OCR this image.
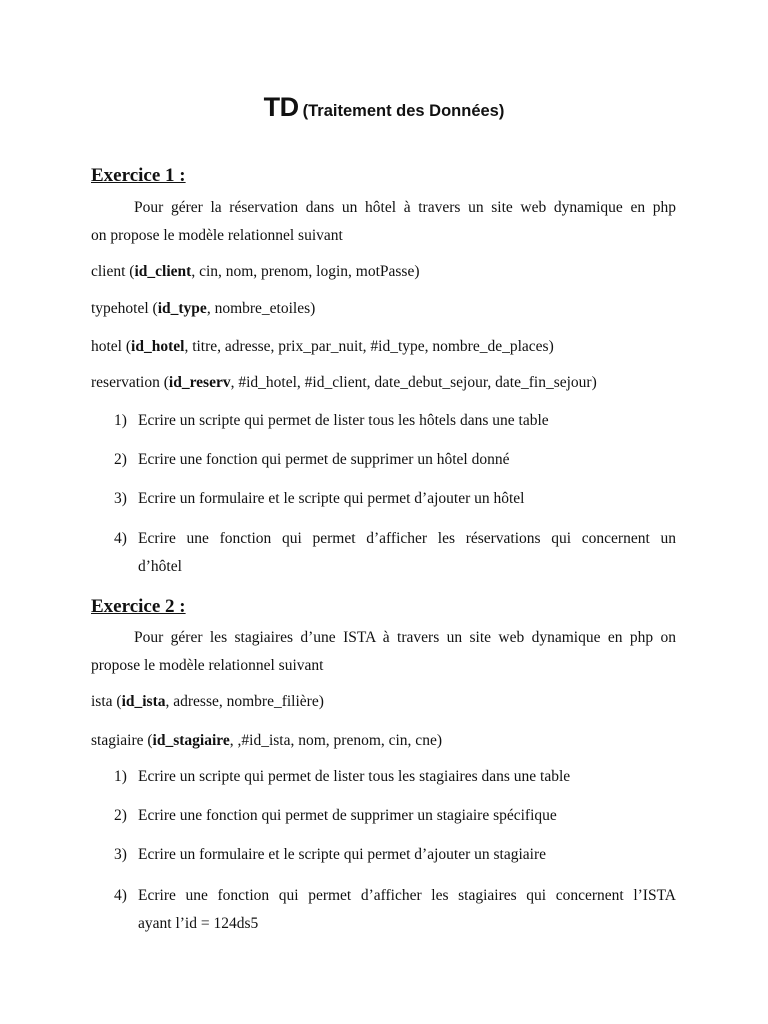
TD (Traitement des Données)
Exercice 1 :
Pour gérer la réservation dans un hôtel à travers un site web dynamique en php
on propose le modèle relationnel suivant
client (id_client, cin, nom, prenom, login, motPasse)
typehotel (id_type, nombre_etoiles)
hotel (id_hotel, titre, adresse, prix_par_nuit, #id_type, nombre_de_places)
reservation (id_reserv, #id_hotel, #id_client, date_debut_sejour, date_fin_sejour)
1) Ecrire un scripte qui permet de lister tous les hôtels dans une table
2) Ecrire une fonction qui permet de supprimer un hôtel donné
3) Ecrire un formulaire et le scripte qui permet d’ajouter un hôtel
4) Ecrire une fonction qui permet d’afficher les réservations qui concernent un
d’hôtel
Exercice 2 :
Pour gérer les stagiaires d’une ISTA à travers un site web dynamique en php on
propose le modèle relationnel suivant
ista (id_ista, adresse, nombre_filière)
stagiaire (id_stagiaire, ,#id_ista, nom, prenom, cin, cne)
1) Ecrire un scripte qui permet de lister tous les stagiaires dans une table
2) Ecrire une fonction qui permet de supprimer un stagiaire spécifique
3) Ecrire un formulaire et le scripte qui permet d’ajouter un stagiaire
4) Ecrire une fonction qui permet d’afficher les stagiaires qui concernent l’ISTA
ayant l’id = 124ds5
